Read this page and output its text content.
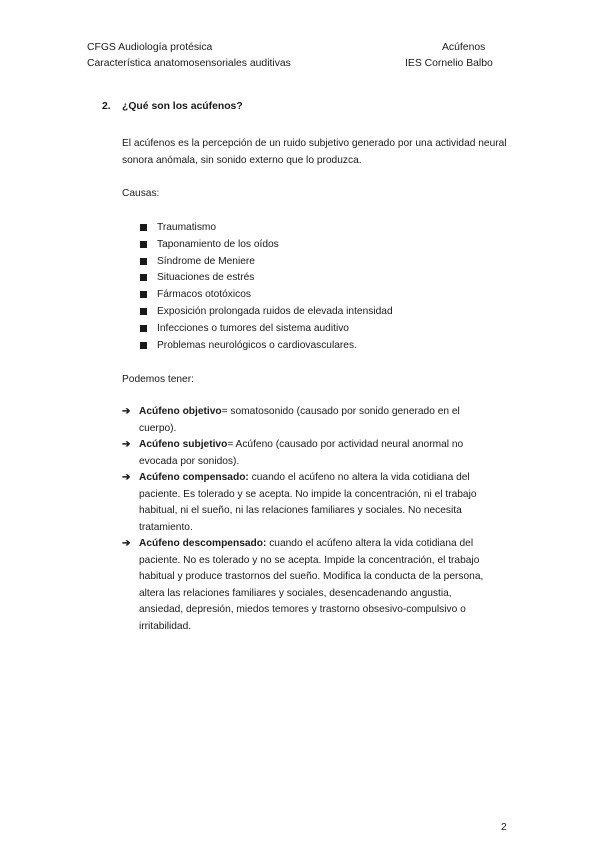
CFGS Audiología protésica
Característica anatomosensoriales auditivas
Acúfenos
IES Cornelio Balbo
2. ¿Qué son los acúfenos?
El acúfenos es la percepción de un ruido subjetivo generado por una actividad neural sonora anómala, sin sonido externo que lo produzca.
Causas:
Traumatismo
Taponamiento de los oídos
Síndrome de Meniere
Situaciones de estrés
Fármacos ototóxicos
Exposición prolongada ruidos de elevada intensidad
Infecciones o tumores del sistema auditivo
Problemas neurológicos o cardiovasculares.
Podemos tener:
➔ Acúfeno objetivo= somatosonido (causado por sonido generado en el cuerpo).
➔ Acúfeno subjetivo= Acúfeno (causado por actividad neural anormal no evocada por sonidos).
➔ Acúfeno compensado: cuando el acúfeno no altera la vida cotidiana del paciente. Es tolerado y se acepta. No impide la concentración, ni el trabajo habitual, ni el sueño, ni las relaciones familiares y sociales. No necesita tratamiento.
➔ Acúfeno descompensado: cuando el acúfeno altera la vida cotidiana del paciente. No es tolerado y no se acepta. Impide la concentración, el trabajo habitual y produce trastornos del sueño. Modifica la conducta de la persona, altera las relaciones familiares y sociales, desencadenando angustia, ansiedad, depresión, miedos temores y trastorno obsesivo-compulsivo o irritabilidad.
2
